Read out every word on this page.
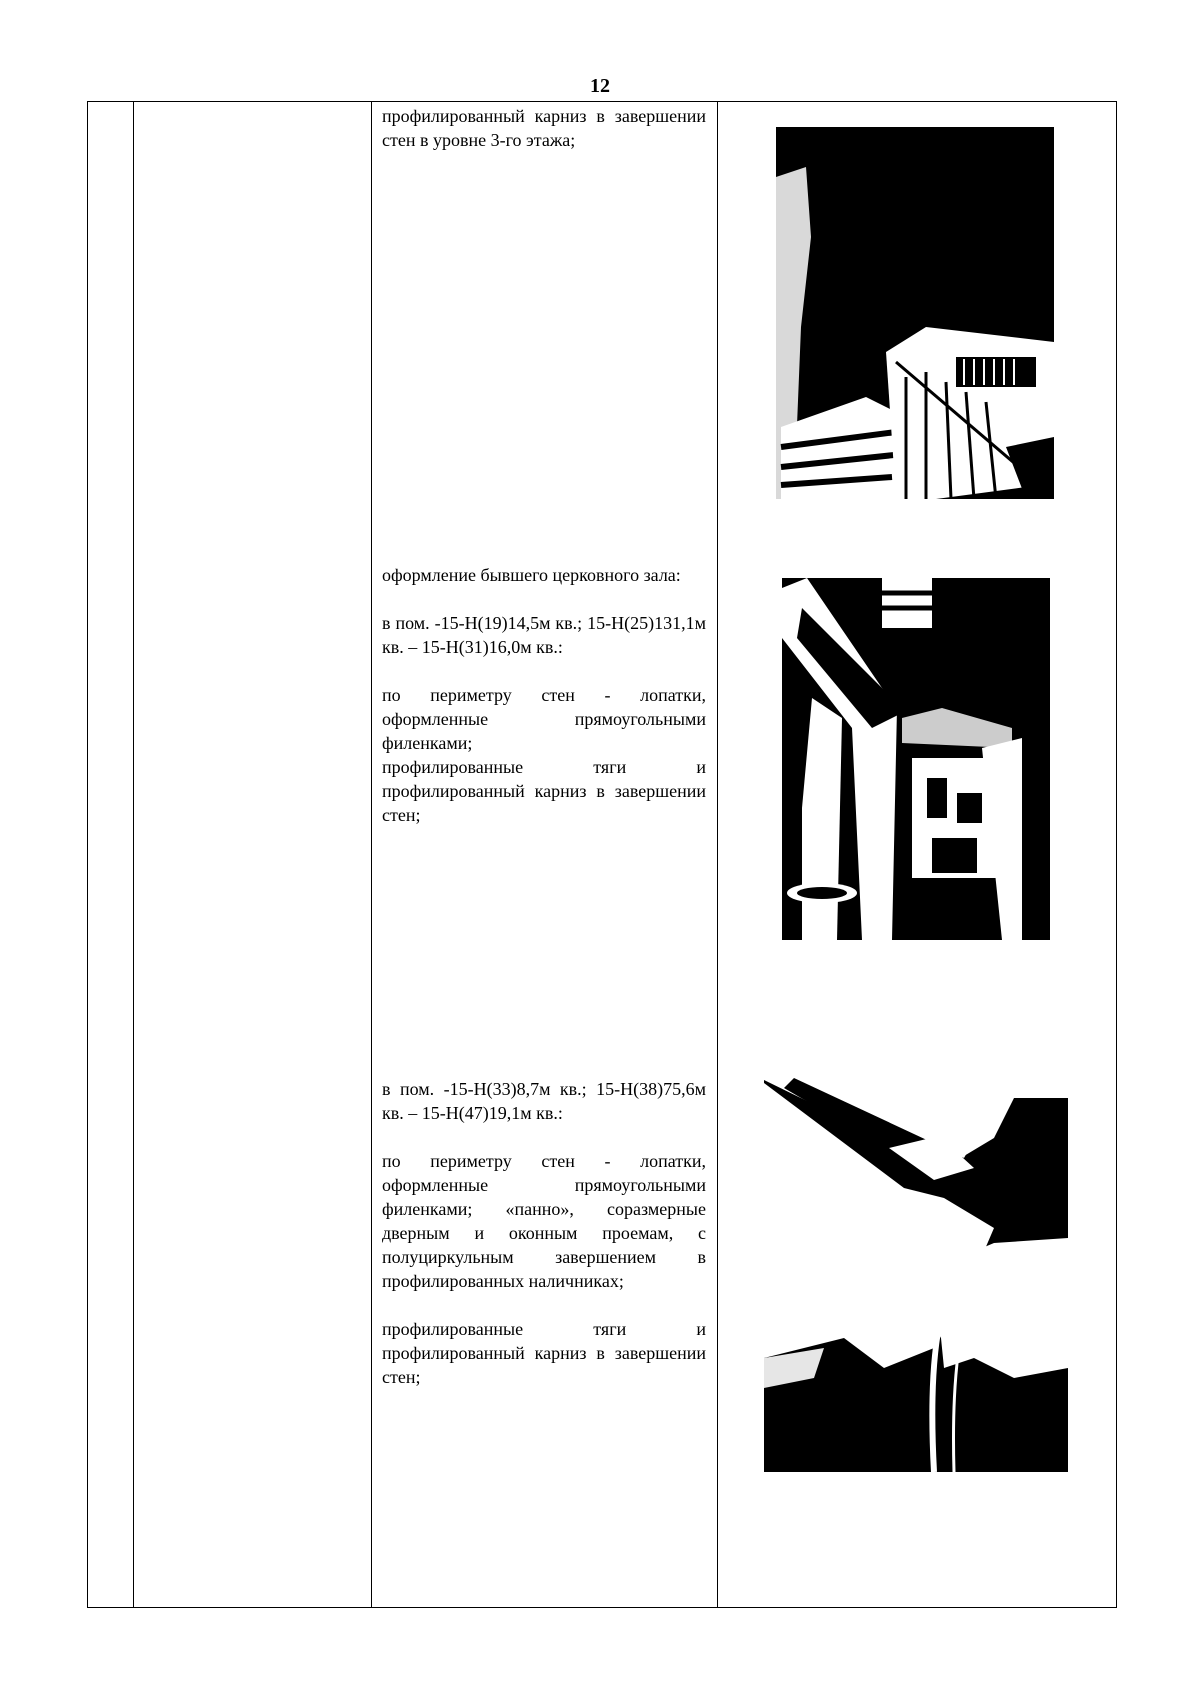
12

профилированный карниз в завершении стен в уровне 3-го этажа;

оформление бывшего церковного зала:

в пом. -15-Н(19)14,5м кв.; 15-Н(25)131,1м кв. – 15-Н(31)16,0м кв.:

по периметру стен - лопатки, оформленные прямоугольными филенками;

профилированные тяги и профилированный карниз в завершении стен;

в пом. -15-Н(33)8,7м кв.; 15-Н(38)75,6м кв. – 15-Н(47)19,1м кв.:

по периметру стен - лопатки, оформленные прямоугольными филенками; «панно», соразмерные дверным и оконным проемам, с полуциркульным завершением в профилированных наличниках;

профилированные тяги и профилированный карниз в завершении стен;
